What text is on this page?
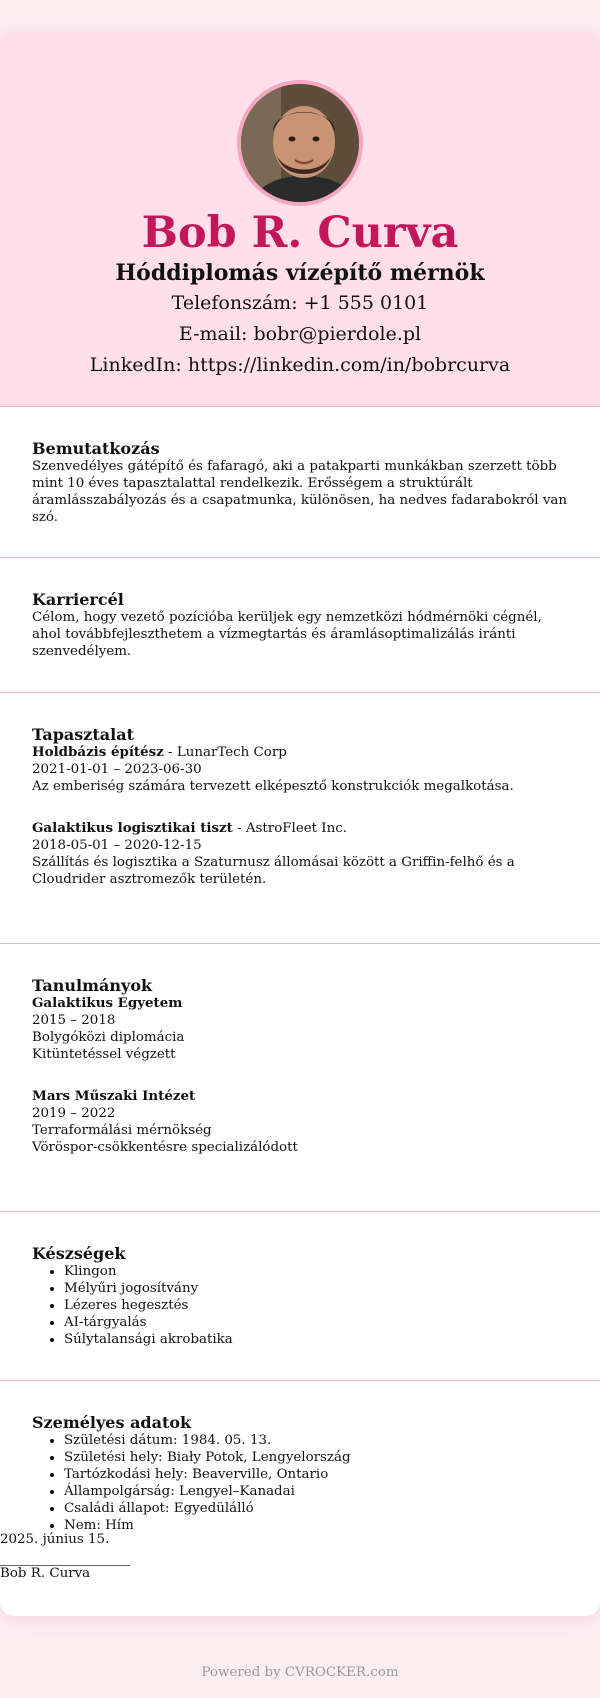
Bob R. Curva
Hóddiplomás vízépítő mérnök

Telefonszám: +1 555 0101

E-mail: bobr@pierdole.pl

LinkedIn: https://linkedin.com/in/bobrcurva

Bemutatkozás

Szenvedélyes gátépítő és fafaragó, aki a patakparti munkákban szerzett több mint 10 éves tapasztalattal rendelkezik. Erősségem a struktúrált áramlásszabályozás és a csapatmunka, különösen, ha nedves fadarabokról van szó.

Karriercél

Célom, hogy vezető pozícióba kerüljek egy nemzetközi hódmérnöki cégnél, ahol továbbfejleszthetem a vízmegtartás és áramlásoptimalizálás iránti szenvedélyem.

Tapasztalat

Holdbázis építész - LunarTech Corp

2021-01-01 – 2023-06-30

Az emberiség számára tervezett elképesztő konstrukciók megalkotása.

Galaktikus logisztikai tiszt - AstroFleet Inc.

2018-05-01 – 2020-12-15

Szállítás és logisztika a Szaturnusz állomásai között a Griffin-felhő és a Cloudrider asztromezők területén.

Tanulmányok

Galaktikus Egyetem

2015 – 2018

Bolygóközi diplomácia

Kitüntetéssel végzett

Mars Műszaki Intézet

2019 – 2022

Terraformálási mérnökség

Vöröspor-csökkentésre specializálódott

Készségek
• Klingon
• Mélyűri jogosítvány
• Lézeres hegesztés
• AI-tárgyalás
• Súlytalansági akrobatika
Személyes adatok
• Születési dátum: 1984. 05. 13.
• Születési hely: Biały Potok, Lengyelország
• Tartózkodási hely: Beaverville, Ontario
• Állampolgárság: Lengyel–Kanadai
• Családi állapot: Egyedülálló
• Nem: Hím
2025. június 15.
Bob R. Curva
Powered by CVROCKER.com
